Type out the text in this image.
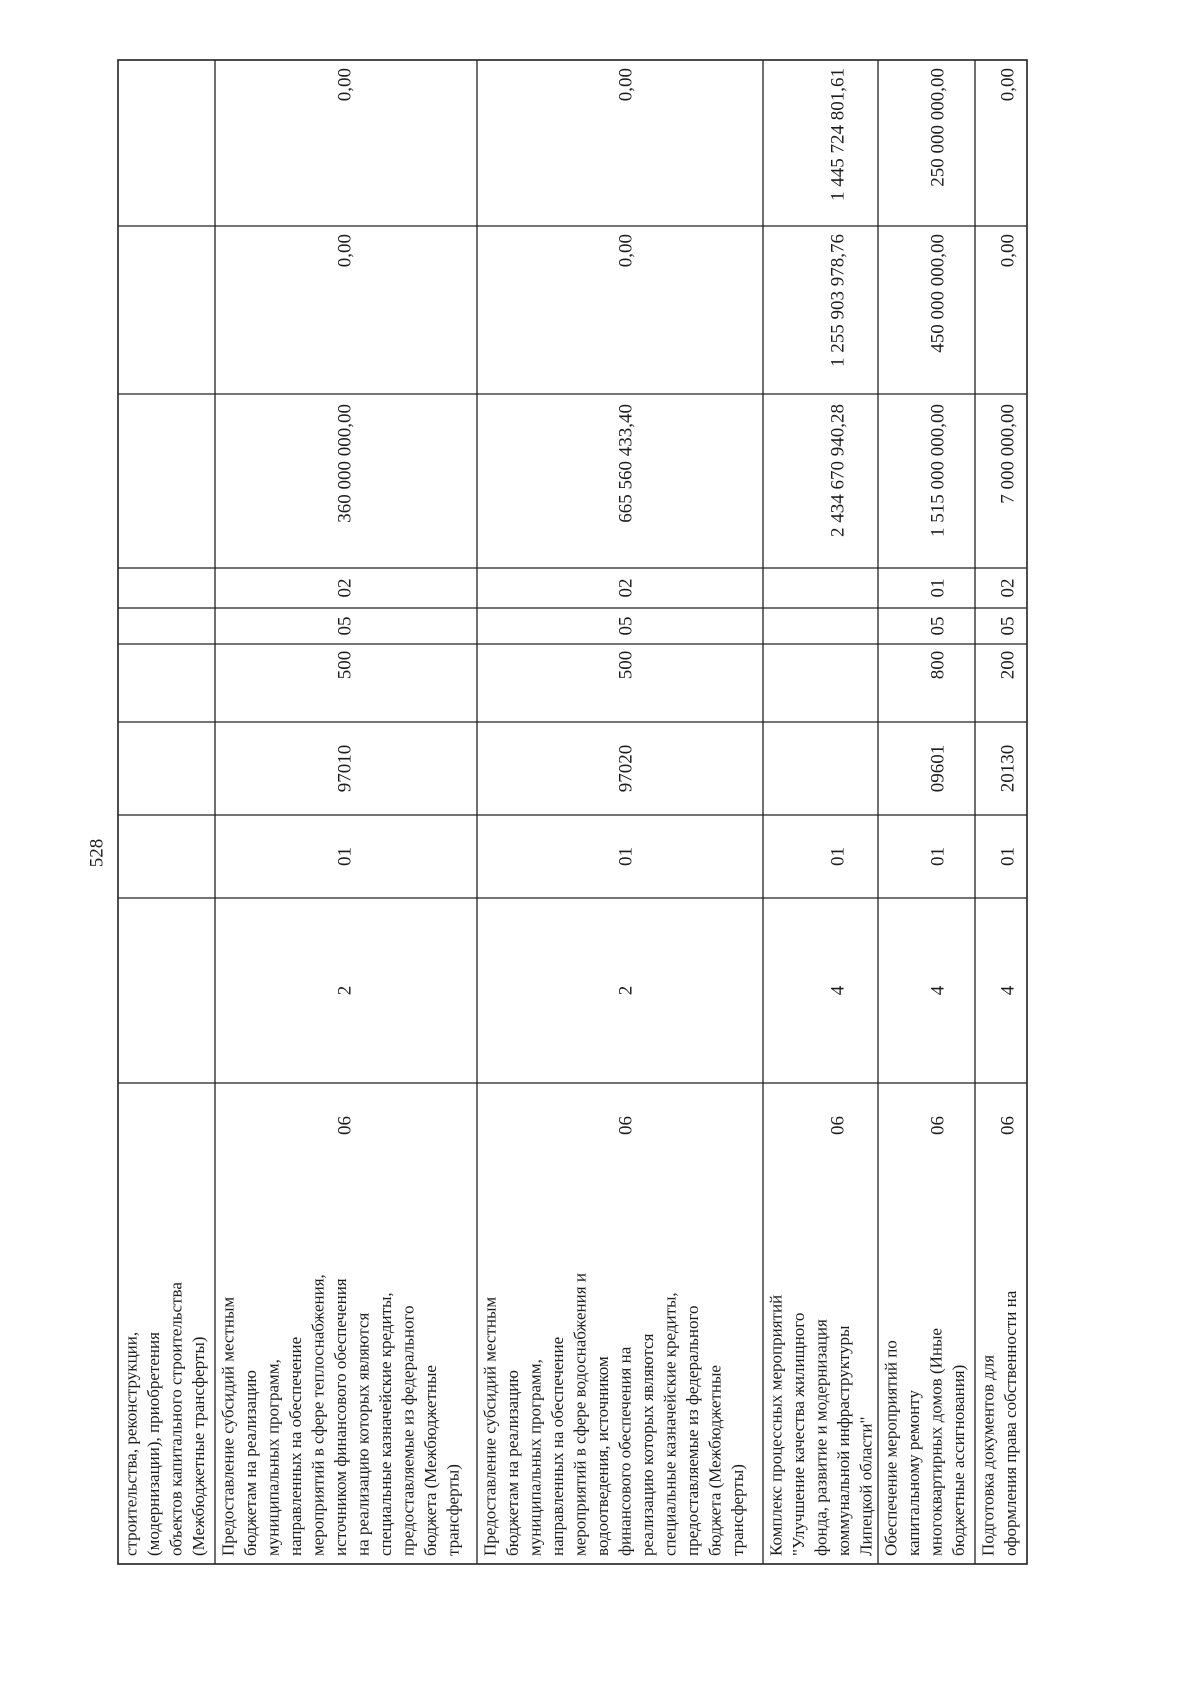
528
строительства, реконструкции, (модернизации), приобретения объектов капитального строительства (Межбюджетные трансферты) Предоставление субсидий местным бюджетам на реализацию муниципальных программ, направленных на обеспечение мероприятий в сфере теплоснабжения, источником финансового обеспечения на реализацию которых являются специальные казначейские кредиты, предоставляемые из федерального бюджета (Межбюджетные трансферты)
06
2
01
97010
500
05
02
360 000 000,00
0,00
0,00
Предоставление субсидий местным бюджетам на реализацию муниципальных программ, направленных на обеспечение мероприятий в сфере водоснабжения и водоотведения, источником финансового обеспечения на реализацию которых являются специальные казначейские кредиты, предоставляемые из федерального бюджета (Межбюджетные трансферты)
06
2
01
97020
500
05
02
665 560 433,40
0,00
0,00
Комплекс процессных мероприятий "Улучшение качества жилищного фонда, развитие и модернизация коммунальной инфраструктуры Липецкой области"
06
4
01
2 434 670 940,28
1 255 903 978,76
1 445 724 801,61
Обеспечение мероприятий по капитальному ремонту многоквартирных домов (Иные бюджетные ассигнования)
06
4
01
09601
800
05
01
1 515 000 000,00
450 000 000,00
250 000 000,00
Подготовка документов для оформления права собственности на
06
4
01
20130
200
05
02
7 000 000,00
0,00
0,00
